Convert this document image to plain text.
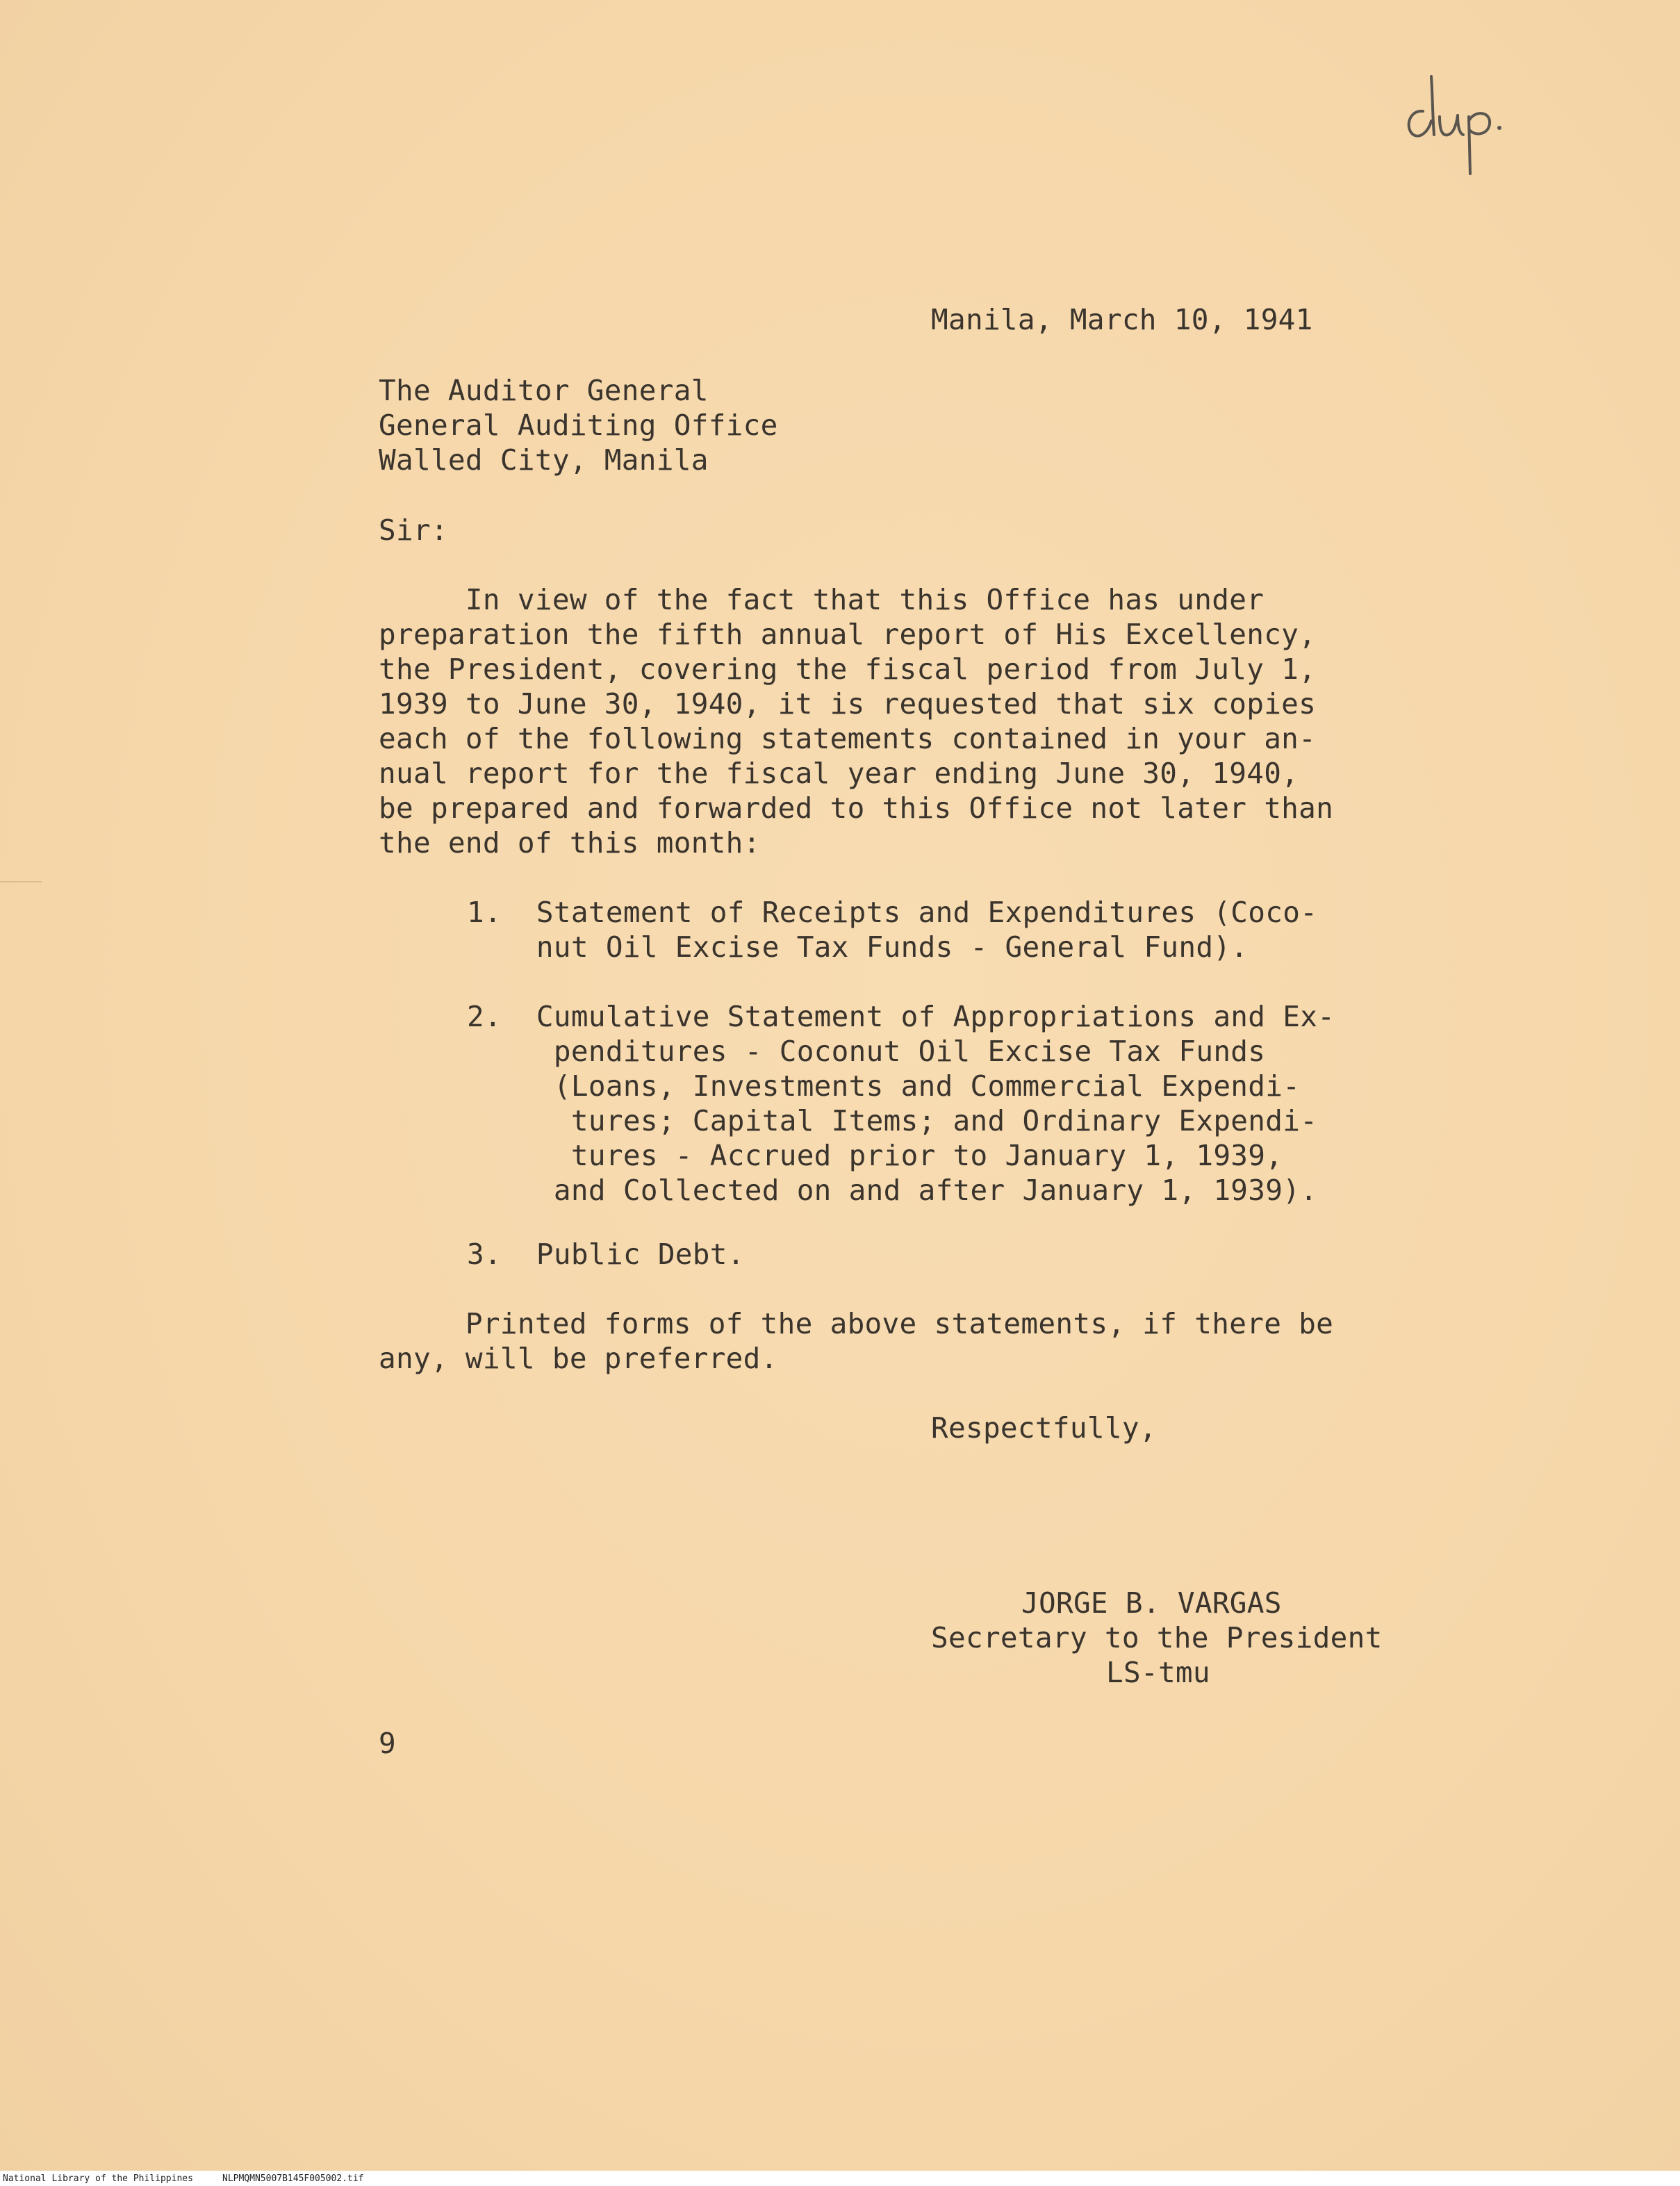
Manila, March 10, 1941
The Auditor General
General Auditing Office
Walled City, Manila
Sir:
In view of the fact that this Office has under
preparation the fifth annual report of His Excellency,
the President, covering the fiscal period from July 1,
1939 to June 30, 1940, it is requested that six copies
each of the following statements contained in your an-
nual report for the fiscal year ending June 30, 1940,
be prepared and forwarded to this Office not later than
the end of this month:
1.  Statement of Receipts and Expenditures (Coco-
nut Oil Excise Tax Funds - General Fund).
2.  Cumulative Statement of Appropriations and Ex-
penditures - Coconut Oil Excise Tax Funds
(Loans, Investments and Commercial Expendi-
tures; Capital Items; and Ordinary Expendi-
tures - Accrued prior to January 1, 1939,
and Collected on and after January 1, 1939).
3.  Public Debt.
Printed forms of the above statements, if there be
any, will be preferred.
Respectfully,
JORGE B. VARGAS
Secretary to the President
LS-tmu
9
National Library of the Philippines	NLPMQMN5007B145F005002.tif
